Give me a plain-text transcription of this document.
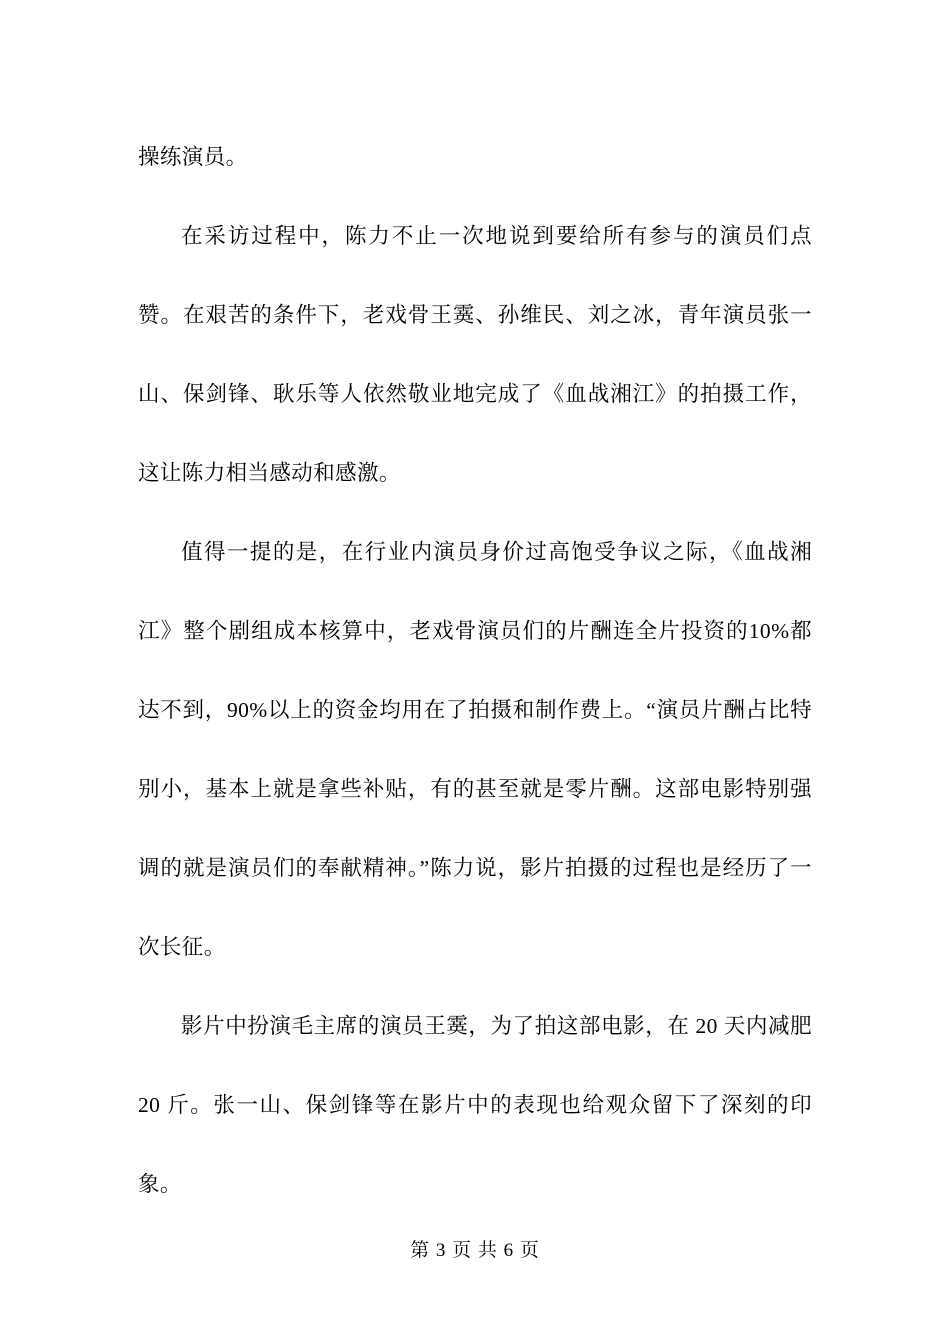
操练演员。

在采访过程中，陈力不止一次地说到要给所有参与的演员们点赞。在艰苦的条件下，老戏骨王霙、孙维民、刘之冰，青年演员张一山、保剑锋、耿乐等人依然敬业地完成了《血战湘江》的拍摄工作，这让陈力相当感动和感激。

值得一提的是，在行业内演员身价过高饱受争议之际，《血战湘江》整个剧组成本核算中，老戏骨演员们的片酬连全片投资的10%都达不到，90%以上的资金均用在了拍摄和制作费上。“演员片酬占比特别小，基本上就是拿些补贴，有的甚至就是零片酬。这部电影特别强调的就是演员们的奉献精神。”陈力说，影片拍摄的过程也是经历了一次长征。

影片中扮演毛主席的演员王霙，为了拍这部电影，在 20 天内减肥 20 斤。张一山、保剑锋等在影片中的表现也给观众留下了深刻的印象。

第 3 页 共 6 页
